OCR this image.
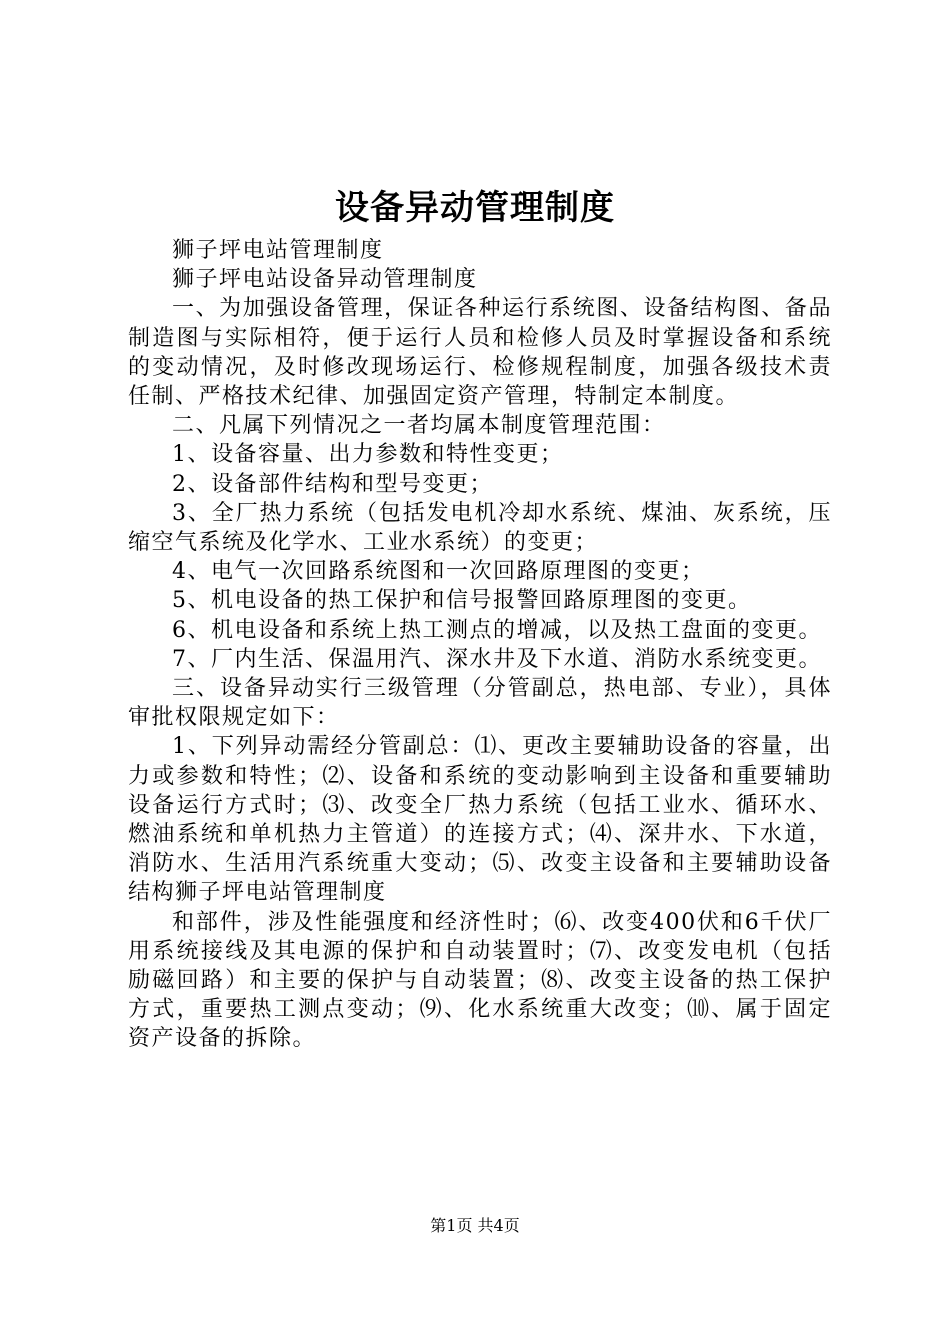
设备异动管理制度

狮子坪电站管理制度

狮子坪电站设备异动管理制度

一、为加强设备管理，保证各种运行系统图、设备结构图、备品制造图与实际相符，便于运行人员和检修人员及时掌握设备和系统的变动情况，及时修改现场运行、检修规程制度，加强各级技术责任制、严格技术纪律、加强固定资产管理，特制定本制度。

二、凡属下列情况之一者均属本制度管理范围：

1、设备容量、出力参数和特性变更；

2、设备部件结构和型号变更；

3、全厂热力系统（包括发电机冷却水系统、煤油、灰系统，压缩空气系统及化学水、工业水系统）的变更；

4、电气一次回路系统图和一次回路原理图的变更；

5、机电设备的热工保护和信号报警回路原理图的变更。

6、机电设备和系统上热工测点的增减，以及热工盘面的变更。

7、厂内生活、保温用汽、深水井及下水道、消防水系统变更。

三、设备异动实行三级管理（分管副总，热电部、专业），具体审批权限规定如下：

1、下列异动需经分管副总：⑴、更改主要辅助设备的容量，出力或参数和特性；⑵、设备和系统的变动影响到主设备和重要辅助设备运行方式时；⑶、改变全厂热力系统（包括工业水、循环水、燃油系统和单机热力主管道）的连接方式；⑷、深井水、下水道，消防水、生活用汽系统重大变动；⑸、改变主设备和主要辅助设备结构狮子坪电站管理制度

和部件，涉及性能强度和经济性时；⑹、改变400伏和6千伏厂用系统接线及其电源的保护和自动装置时；⑺、改变发电机（包括励磁回路）和主要的保护与自动装置；⑻、改变主设备的热工保护方式，重要热工测点变动；⑼、化水系统重大改变；⑽、属于固定资产设备的拆除。

第1页 共4页
